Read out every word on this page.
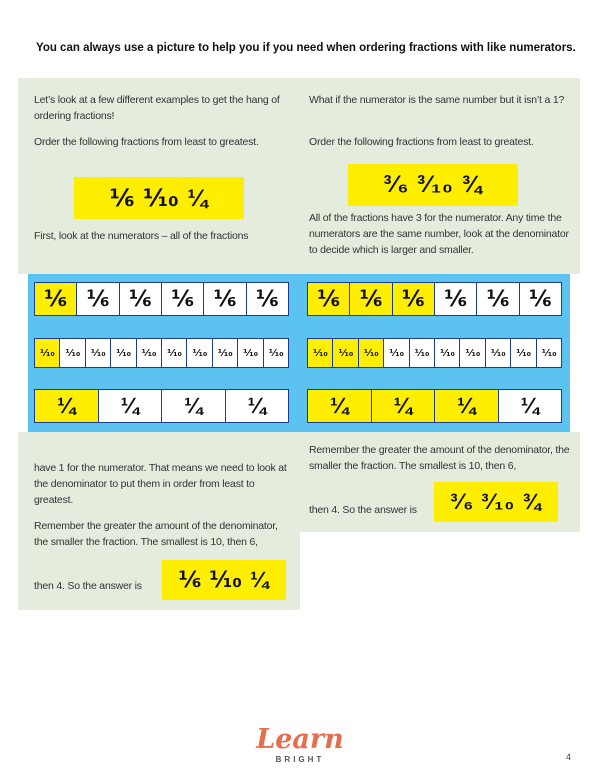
You can always use a picture to help you if you need when ordering fractions with like numerators.
Let’s look at a few different examples to get the hang of ordering fractions!
Order the following fractions from least to greatest.
⅙ ⅒ ¼
First, look at the numerators – all of the fractions
What if the numerator is the same number but it isn’t a 1?
Order the following fractions from least to greatest.
³⁄₆ ³⁄₁₀ ¾
All of the fractions have 3 for the numerator. Any time the numerators are the same number, look at the denominator to decide which is larger and smaller.
⅙ ⅙ ⅙ ⅙ ⅙ ⅙
⅒	⅒	⅒	⅒	⅒	⅒	⅒	⅒	⅒	⅒
¼	¼	¼	¼
⅙ ⅙ ⅙ ⅙ ⅙ ⅙
⅒	⅒	⅒	⅒	⅒	⅒	⅒	⅒	⅒	⅒
¼	¼	¼	¼
have 1 for the numerator. That means we need to look at the denominator to put them in order from least to greatest.
Remember the greater the amount of the denominator, the smaller the fraction. The smallest is 10, then 6,
then 4. So the answer is	⅙ ⅒ ¼
Remember the greater the amount of the denominator, the smaller the fraction. The smallest is 10, then 6,
then 4. So the answer is	³⁄₆ ³⁄₁₀ ¾
Learn
BRIGHT	4
